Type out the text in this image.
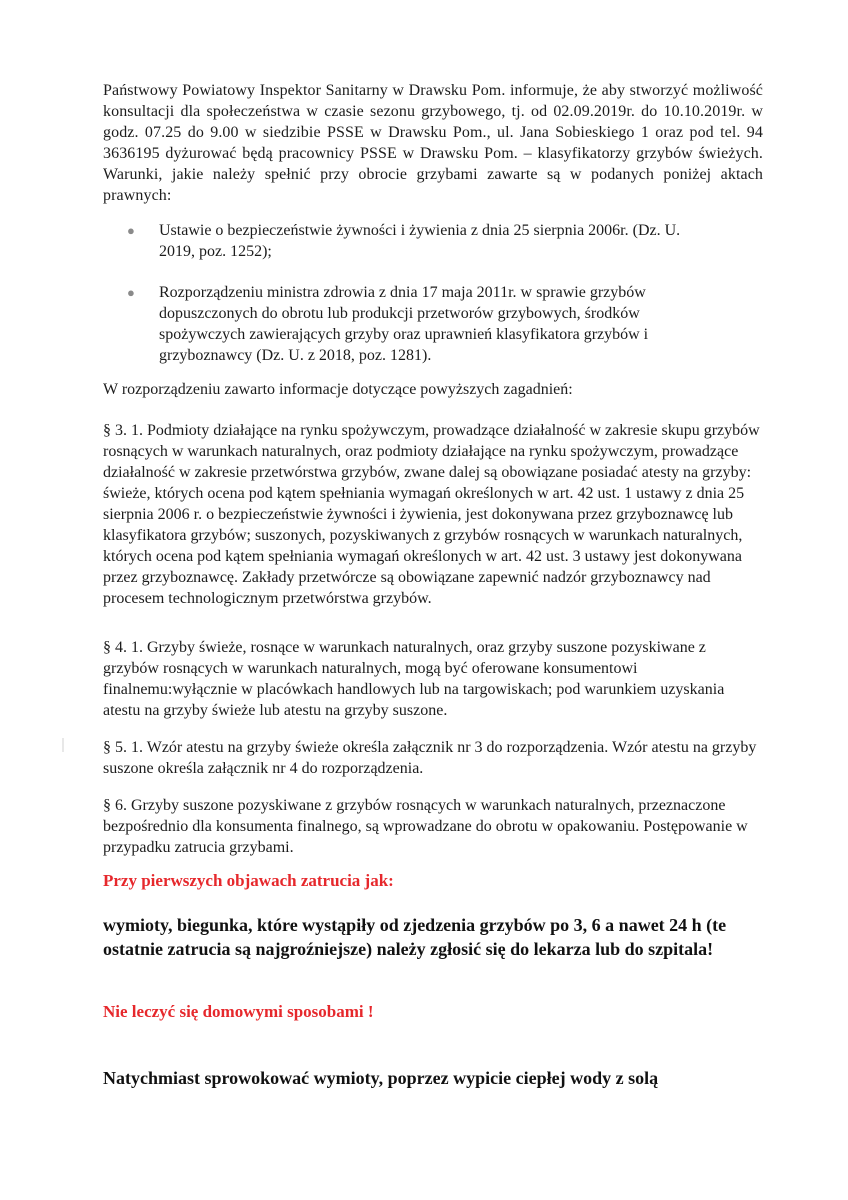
Państwowy Powiatowy Inspektor Sanitarny w Drawsku Pom. informuje, że aby stworzyć możliwość konsultacji dla społeczeństwa w czasie sezonu grzybowego, tj. od 02.09.2019r. do 10.10.2019r. w godz. 07.25 do 9.00 w siedzibie PSSE w Drawsku Pom., ul. Jana Sobieskiego 1 oraz pod tel. 94 3636195 dyżurować będą pracownicy PSSE w Drawsku Pom. – klasyfikatorzy grzybów świeżych. Warunki, jakie należy spełnić przy obrocie grzybami zawarte są w podanych poniżej aktach prawnych:

● Ustawie o bezpieczeństwie żywności i żywienia z dnia 25 sierpnia 2006r. (Dz. U. 2019, poz. 1252);
● Rozporządzeniu ministra zdrowia z dnia 17 maja 2011r. w sprawie grzybów dopuszczonych do obrotu lub produkcji przetworów grzybowych, środków spożywczych zawierających grzyby oraz uprawnień klasyfikatora grzybów i grzyboznawcy (Dz. U. z 2018, poz. 1281).

W rozporządzeniu zawarto informacje dotyczące powyższych zagadnień:

§ 3. 1. Podmioty działające na rynku spożywczym, prowadzące działalność w zakresie skupu grzybów rosnących w warunkach naturalnych, oraz podmioty działające na rynku spożywczym, prowadzące działalność w zakresie przetwórstwa grzybów, zwane dalej są obowiązane posiadać atesty na grzyby: świeże, których ocena pod kątem spełniania wymagań określonych w art. 42 ust. 1 ustawy z dnia 25 sierpnia 2006 r. o bezpieczeństwie żywności i żywienia, jest dokonywana przez grzyboznawcę lub klasyfikatora grzybów; suszonych, pozyskiwanych z grzybów rosnących w warunkach naturalnych, których ocena pod kątem spełniania wymagań określonych w art. 42 ust. 3 ustawy jest dokonywana przez grzyboznawcę. Zakłady przetwórcze są obowiązane zapewnić nadzór grzyboznawcy nad procesem technologicznym przetwórstwa grzybów.

§ 4. 1. Grzyby świeże, rosnące w warunkach naturalnych, oraz grzyby suszone pozyskiwane z grzybów rosnących w warunkach naturalnych, mogą być oferowane konsumentowi finalnemu:wyłącznie w placówkach handlowych lub na targowiskach; pod warunkiem uzyskania atestu na grzyby świeże lub atestu na grzyby suszone.

§ 5. 1. Wzór atestu na grzyby świeże określa załącznik nr 3 do rozporządzenia. Wzór atestu na grzyby suszone określa załącznik nr 4 do rozporządzenia.

§ 6. Grzyby suszone pozyskiwane z grzybów rosnących w warunkach naturalnych, przeznaczone bezpośrednio dla konsumenta finalnego, są wprowadzane do obrotu w opakowaniu. Postępowanie w przypadku zatrucia grzybami.

Przy pierwszych objawach zatrucia jak:
wymioty, biegunka, które wystąpiły od zjedzenia grzybów po 3, 6 a nawet 24 h (te ostatnie zatrucia są najgroźniejsze) należy zgłosić się do lekarza lub do szpitala!
Nie leczyć się domowymi sposobami !
Natychmiast sprowokować wymioty, poprzez wypicie ciepłej wody z solą
